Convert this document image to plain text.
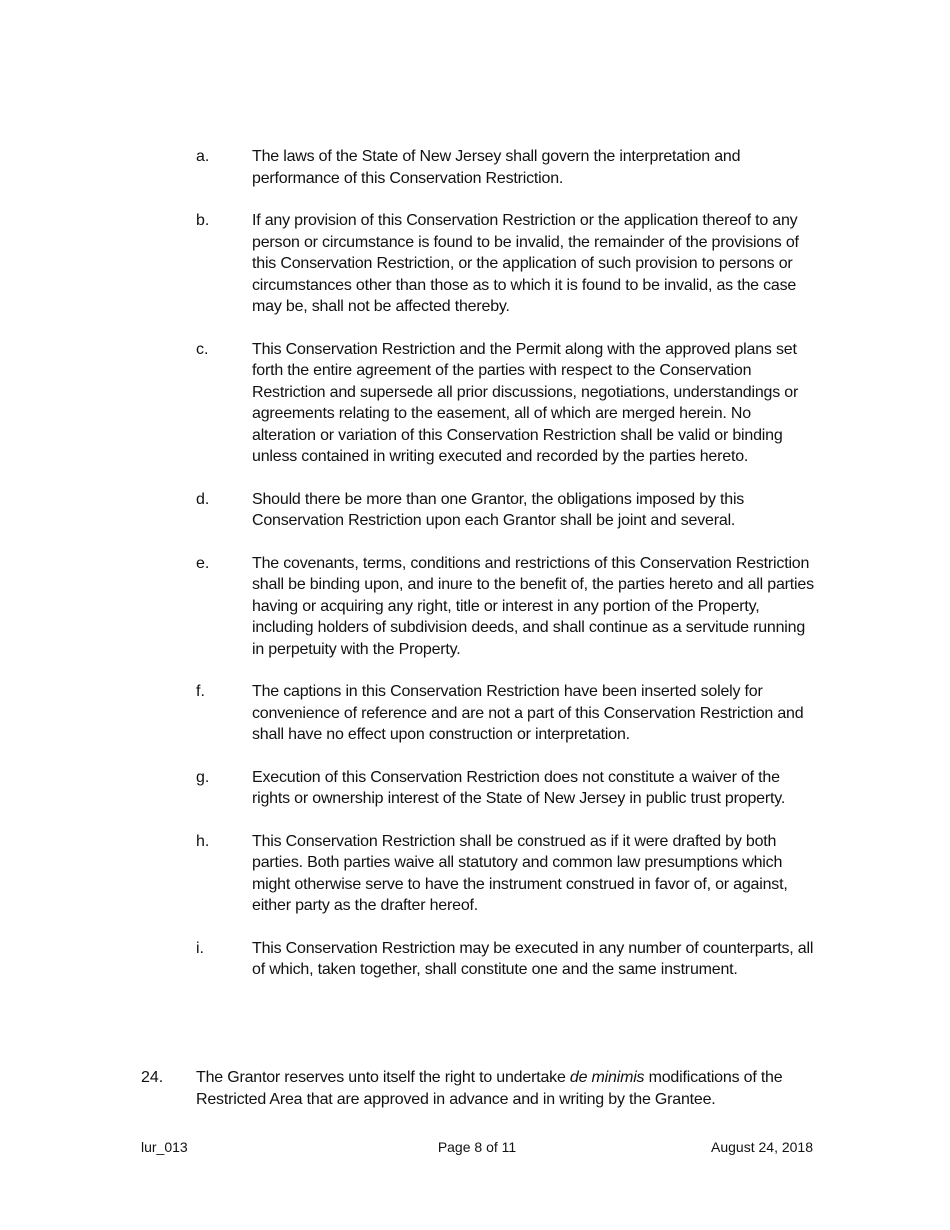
a.	The laws of the State of New Jersey shall govern the interpretation and performance of this Conservation Restriction.
b.	If any provision of this Conservation Restriction or the application thereof to any person or circumstance is found to be invalid, the remainder of the provisions of this Conservation Restriction, or the application of such provision to persons or circumstances other than those as to which it is found to be invalid, as the case may be, shall not be affected thereby.
c.	This Conservation Restriction and the Permit along with the approved plans set forth the entire agreement of the parties with respect to the Conservation Restriction and supersede all prior discussions, negotiations, understandings or agreements relating to the easement, all of which are merged herein. No alteration or variation of this Conservation Restriction shall be valid or binding unless contained in writing executed and recorded by the parties hereto.
d.	Should there be more than one Grantor, the obligations imposed by this Conservation Restriction upon each Grantor shall be joint and several.
e.	The covenants, terms, conditions and restrictions of this Conservation Restriction shall be binding upon, and inure to the benefit of, the parties hereto and all parties having or acquiring any right, title or interest in any portion of the Property, including holders of subdivision deeds, and shall continue as a servitude running in perpetuity with the Property.
f.	The captions in this Conservation Restriction have been inserted solely for convenience of reference and are not a part of this Conservation Restriction and shall have no effect upon construction or interpretation.
g.	Execution of this Conservation Restriction does not constitute a waiver of the rights or ownership interest of the State of New Jersey in public trust property.
h.	This Conservation Restriction shall be construed as if it were drafted by both parties. Both parties waive all statutory and common law presumptions which might otherwise serve to have the instrument construed in favor of, or against, either party as the drafter hereof.
i.	This Conservation Restriction may be executed in any number of counterparts, all of which, taken together, shall constitute one and the same instrument.
24.	The Grantor reserves unto itself the right to undertake de minimis modifications of the Restricted Area that are approved in advance and in writing by the Grantee.
lur_013	Page 8 of 11	August 24, 2018
